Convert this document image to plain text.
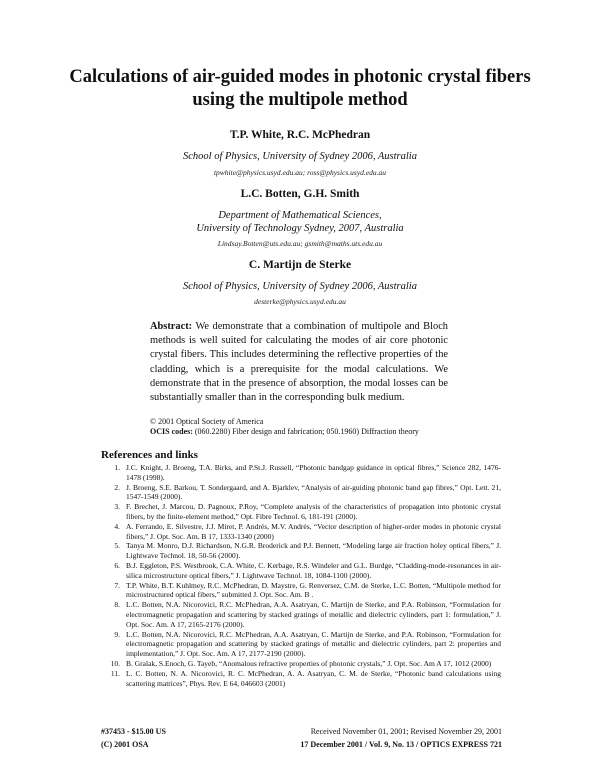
Calculations of air-guided modes in photonic crystal fibers using the multipole method
T.P. White, R.C. McPhedran
School of Physics, University of Sydney 2006, Australia
tpwhite@physics.usyd.edu.au; ross@physics.usyd.edu.au
L.C. Botten, G.H. Smith
Department of Mathematical Sciences,
University of Technology Sydney, 2007, Australia
Lindsay.Botten@uts.edu.au; gsmith@maths.uts.edu.au
C. Martijn de Sterke
School of Physics, University of Sydney 2006, Australia
desterke@physics.usyd.edu.au
Abstract: We demonstrate that a combination of multipole and Bloch methods is well suited for calculating the modes of air core photonic crystal fibers. This includes determining the reflective properties of the cladding, which is a prerequisite for the modal calculations. We demonstrate that in the presence of absorption, the modal losses can be substantially smaller than in the corresponding bulk medium.
© 2001 Optical Society of America
OCIS codes: (060.2280) Fiber design and fabrication; 050.1960) Diffraction theory
References and links
1. J.C. Knight, J. Broeng, T.A. Birks, and P.St.J. Russell, “Photonic bandgap guidance in optical fibres,” Science 282, 1476-1478 (1998).
2. J. Broeng, S.E. Barkou, T. Sondergaard, and A. Bjarklev, “Analysis of air-guiding photonic band gap fibres,” Opt. Lett. 21, 1547-1549 (2000).
3. F. Brechet, J. Marcou, D. Pagnoux, P.Roy, “Complete analysis of the characteristics of propagation into photonic crystal fibers, by the finite-element method,” Opt. Fibre Technol. 6, 181-191 (2000).
4. A. Ferrando, E. Silvestre, J.J. Miret, P. Andrés, M.V. Andrés, “Vector description of higher-order modes in photonic crystal fibers,” J. Opt. Soc. Am. B 17, 1333-1340 (2000)
5. Tanya M. Monro, D.J. Richardson, N.G.R. Broderick and P.J. Bennett, “Modeling large air fraction holey optical fibers,” J. Lightwave Technol. 18, 50-56 (2000).
6. B.J. Eggleton, P.S. Westbrook, C.A. White, C. Kerbage, R.S. Windeler and G.L. Burdge, “Cladding-mode-resonances in air-silica microstructure optical fibers,” J. Lightwave Technol. 18, 1084-1100 (2000).
7. T.P. White, B.T. Kuhlmey, R.C. McPhedran, D. Maystre, G. Renversez, C.M. de Sterke, L.C. Botten, “Multipole method for microstructured optical fibers,” submitted J. Opt. Soc. Am. B .
8. L.C. Botten, N.A. Nicorovici, R.C. McPhedran, A.A. Asatryan, C. Martijn de Sterke, and P.A. Robinson, “Formulation for electromagnetic propagation and scattering by stacked gratings of metallic and dielectric cylinders, part 1: formulation,” J. Opt. Soc. Am. A 17, 2165-2176 (2000).
9. L.C. Botten, N.A. Nicorovici, R.C. McPhedran, A.A. Asatryan, C. Martijn de Sterke, and P.A. Robinson, “Formulation for electromagnetic propagation and scattering by stacked gratings of metallic and dielectric cylinders, part 2: properties and implementation,” J. Opt. Soc. Am. A 17, 2177-2190 (2000).
10. B. Gralak, S.Enoch, G. Tayeb, “Anomalous refractive properties of photonic crystals,” J. Opt. Soc. Am A 17, 1012 (2000)
11. L. C. Botten, N. A. Nicorovici, R. C. McPhedran, A. A. Asatryan, C. M. de Sterke, “Photonic band calculations using scattering matrices”, Phys. Rev. E 64, 046603 (2001)
#37453 - $15.00 US
(C) 2001 OSA
Received November 01, 2001; Revised November 29, 2001
17 December 2001 / Vol. 9, No. 13 / OPTICS EXPRESS 721
